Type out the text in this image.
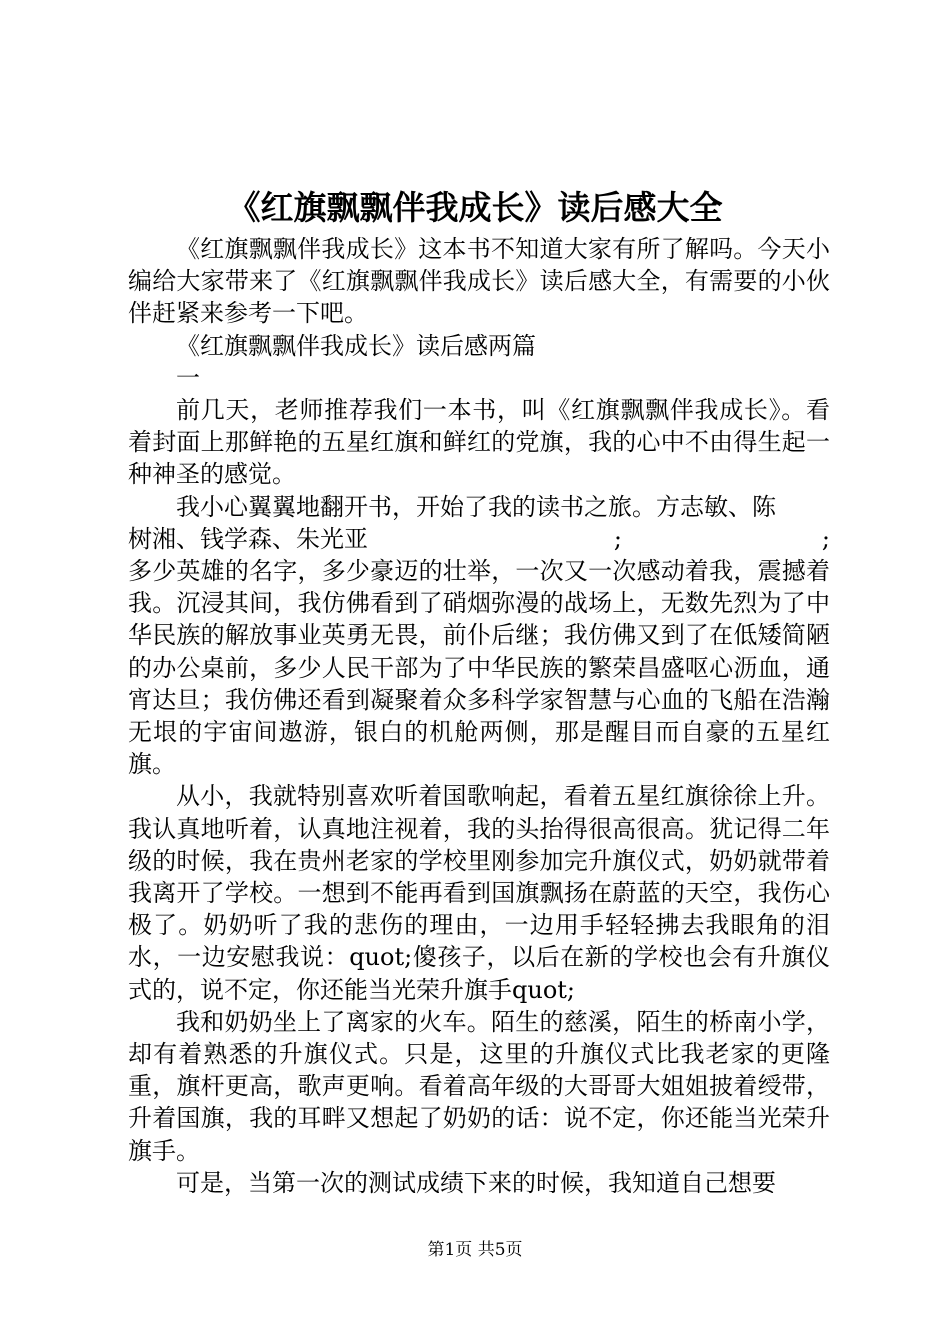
《红旗飘飘伴我成长》读后感大全

《红旗飘飘伴我成长》这本书不知道大家有所了解吗。今天小编给大家带来了《红旗飘飘伴我成长》读后感大全，有需要的小伙伴赶紧来参考一下吧。

《红旗飘飘伴我成长》读后感两篇

一

前几天，老师推荐我们一本书，叫《红旗飘飘伴我成长》。看着封面上那鲜艳的五星红旗和鲜红的党旗，我的心中不由得生起一种神圣的感觉。

我小心翼翼地翻开书，开始了我的读书之旅。方志敏、陈

树湘、钱学森、朱光亚	;	;

多少英雄的名字，多少豪迈的壮举，一次又一次感动着我，震撼着我。沉浸其间，我仿佛看到了硝烟弥漫的战场上，无数先烈为了中华民族的解放事业英勇无畏，前仆后继；我仿佛又到了在低矮简陋的办公桌前，多少人民干部为了中华民族的繁荣昌盛呕心沥血，通宵达旦；我仿佛还看到凝聚着众多科学家智慧与心血的飞船在浩瀚无垠的宇宙间遨游，银白的机舱两侧，那是醒目而自豪的五星红旗。

从小，我就特别喜欢听着国歌响起，看着五星红旗徐徐上升。我认真地听着，认真地注视着，我的头抬得很高很高。犹记得二年级的时候，我在贵州老家的学校里刚参加完升旗仪式，奶奶就带着我离开了学校。一想到不能再看到国旗飘扬在蔚蓝的天空，我伤心极了。奶奶听了我的悲伤的理由，一边用手轻轻拂去我眼角的泪水，一边安慰我说：quot;傻孩子，以后在新的学校也会有升旗仪式的，说不定，你还能当光荣升旗手quot;

我和奶奶坐上了离家的火车。陌生的慈溪，陌生的桥南小学，却有着熟悉的升旗仪式。只是，这里的升旗仪式比我老家的更隆重，旗杆更高，歌声更响。看着高年级的大哥哥大姐姐披着绶带，升着国旗，我的耳畔又想起了奶奶的话：说不定，你还能当光荣升旗手。

可是，当第一次的测试成绩下来的时候，我知道自己想要

第1页 共5页
